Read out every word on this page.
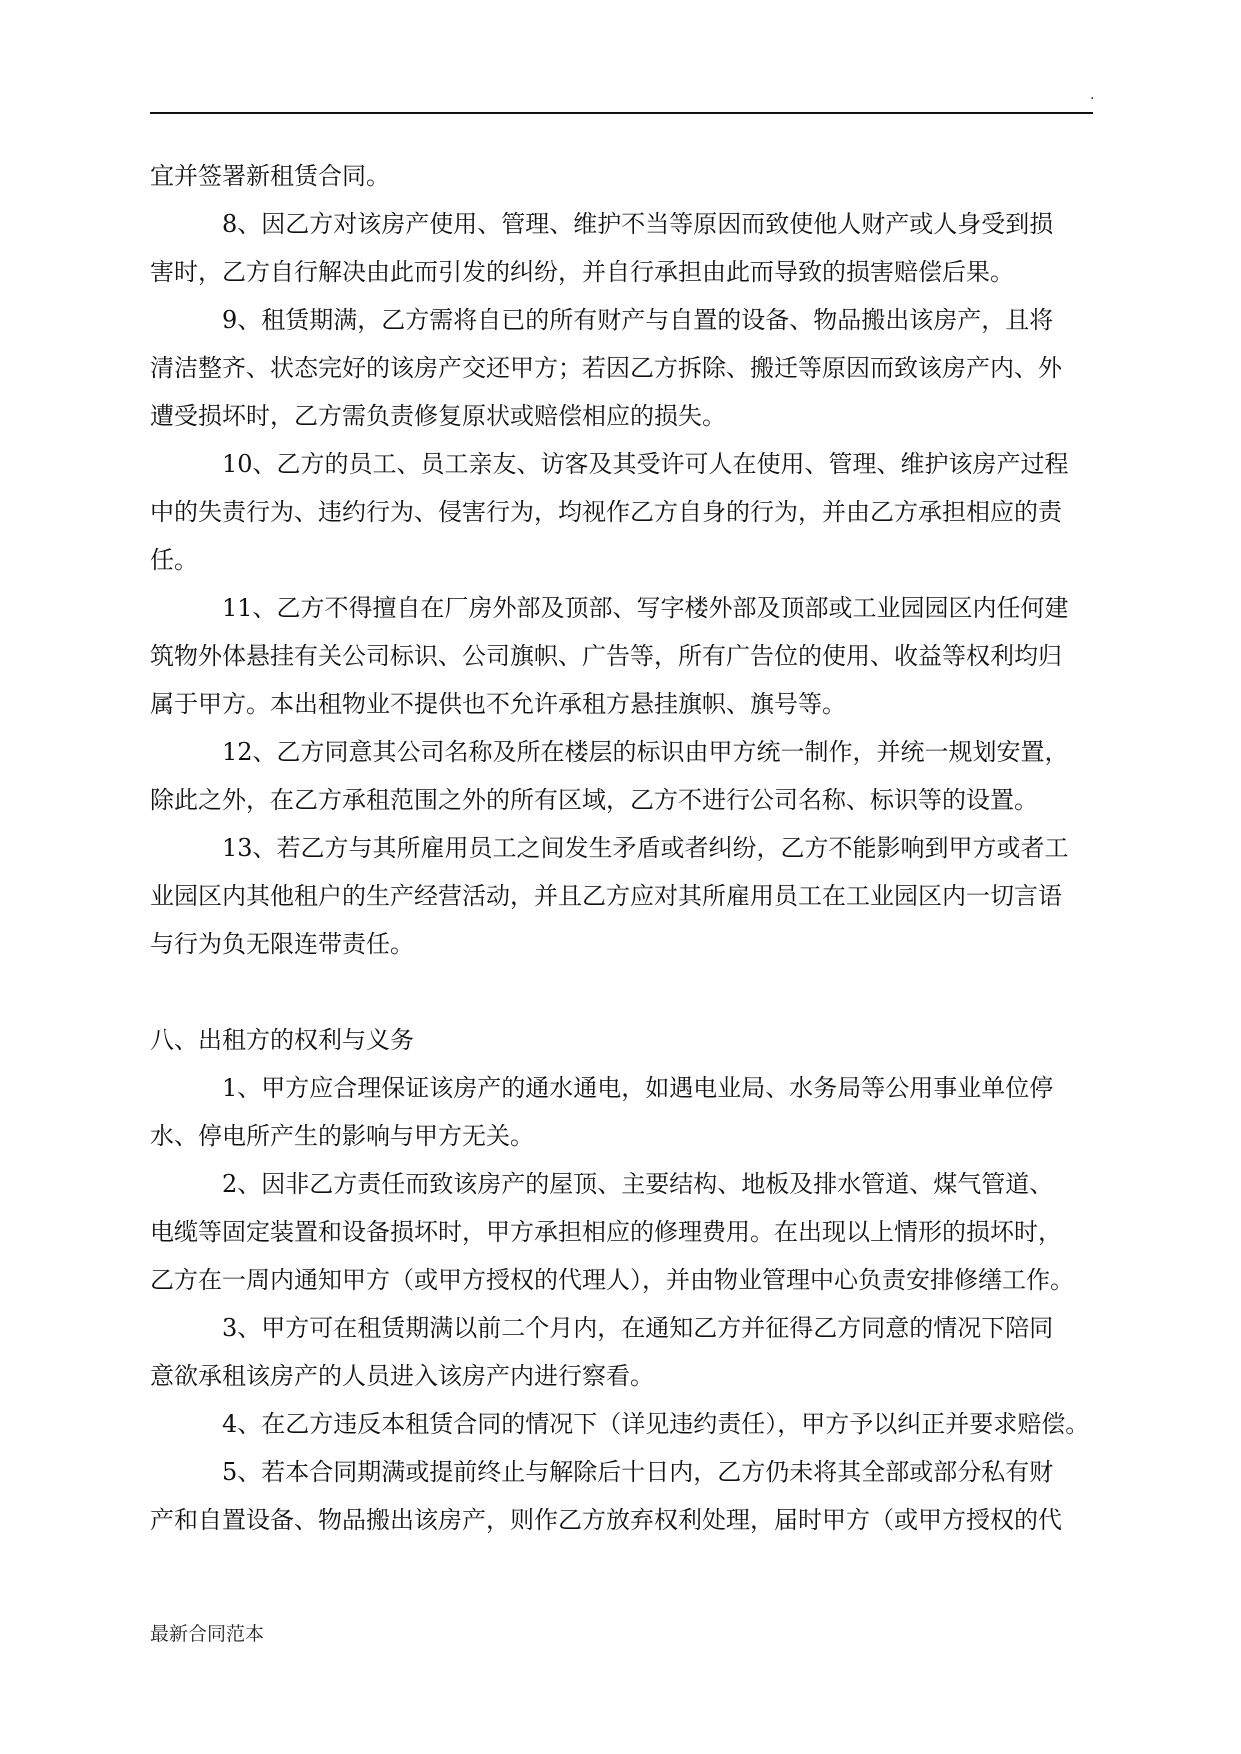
.
宜并签署新租赁合同。
8、因乙方对该房产使用、管理、维护不当等原因而致使他人财产或人身受到损
害时，乙方自行解决由此而引发的纠纷，并自行承担由此而导致的损害赔偿后果。
9、租赁期满，乙方需将自已的所有财产与自置的设备、物品搬出该房产，且将
清洁整齐、状态完好的该房产交还甲方；若因乙方拆除、搬迁等原因而致该房产内、外
遭受损坏时，乙方需负责修复原状或赔偿相应的损失。
10、乙方的员工、员工亲友、访客及其受许可人在使用、管理、维护该房产过程
中的失责行为、违约行为、侵害行为，均视作乙方自身的行为，并由乙方承担相应的责
任。
11、乙方不得擅自在厂房外部及顶部、写字楼外部及顶部或工业园园区内任何建
筑物外体悬挂有关公司标识、公司旗帜、广告等，所有广告位的使用、收益等权利均归
属于甲方。本出租物业不提供也不允许承租方悬挂旗帜、旗号等。
12、乙方同意其公司名称及所在楼层的标识由甲方统一制作，并统一规划安置，
除此之外，在乙方承租范围之外的所有区域，乙方不进行公司名称、标识等的设置。
13、若乙方与其所雇用员工之间发生矛盾或者纠纷，乙方不能影响到甲方或者工
业园区内其他租户的生产经营活动，并且乙方应对其所雇用员工在工业园区内一切言语
与行为负无限连带责任。
八、出租方的权利与义务
1、甲方应合理保证该房产的通水通电，如遇电业局、水务局等公用事业单位停
水、停电所产生的影响与甲方无关。
2、因非乙方责任而致该房产的屋顶、主要结构、地板及排水管道、煤气管道、
电缆等固定装置和设备损坏时，甲方承担相应的修理费用。在出现以上情形的损坏时，
乙方在一周内通知甲方（或甲方授权的代理人），并由物业管理中心负责安排修缮工作。
3、甲方可在租赁期满以前二个月内，在通知乙方并征得乙方同意的情况下陪同
意欲承租该房产的人员进入该房产内进行察看。
4、在乙方违反本租赁合同的情况下（详见违约责任），甲方予以纠正并要求赔偿。
5、若本合同期满或提前终止与解除后十日内，乙方仍未将其全部或部分私有财
产和自置设备、物品搬出该房产，则作乙方放弃权利处理，届时甲方（或甲方授权的代
最新合同范本
